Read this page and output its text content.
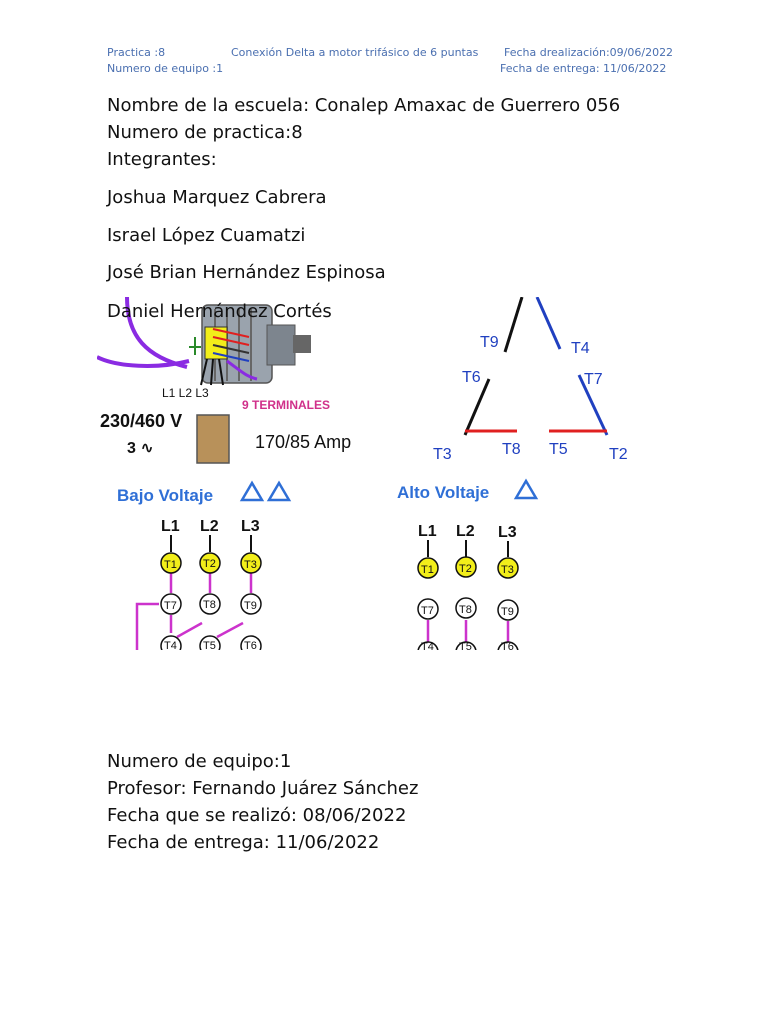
Practica :8	Conexión Delta a motor trifásico de 6 puntas Fecha drealización:09/06/2022
Numero de equipo :1	Fecha de entrega: 11/06/2022
Nombre de la escuela: Conalep Amaxac de Guerrero 056
Numero de practica:8
Integrantes:
Joshua Marquez Cabrera
Israel López Cuamatzi
José Brian Hernández Espinosa
L1 L2 L3
9 TERMINALES
230/460 V
3 ∿	170/85 Amp
T9	T4
T6	T7
T3	T8 T5	T2
Bajo Voltaje
L1 L2 L3
T1 T2	T3
T7 T8	T9
T4 T5	T6
Alto Voltaje
L1 L2 L3
T1 T2	T3
T7 T8	T9
T4 T5	T6
Daniel Hernández Cortés
Numero de equipo:1
Profesor: Fernando Juárez Sánchez
Fecha que se realizó: 08/06/2022
Fecha de entrega: 11/06/2022
